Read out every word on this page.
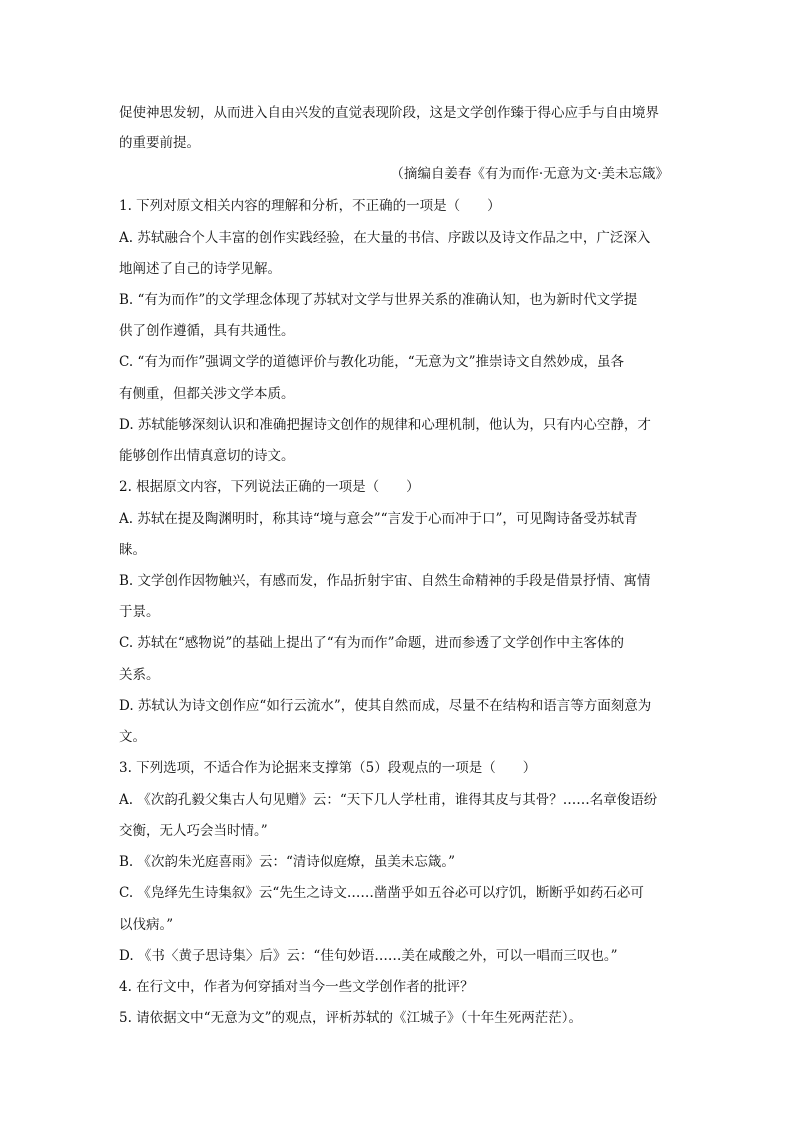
促使神思发轫，从而进入自由兴发的直觉表现阶段，这是文学创作臻于得心应手与自由境界
的重要前提。
（摘编自姜春《有为而作·无意为文·美未忘箴》
1. 下列对原文相关内容的理解和分析，不正确的一项是（　　）
A. 苏轼融合个人丰富的创作实践经验，在大量的书信、序跋以及诗文作品之中，广泛深入
地阐述了自己的诗学见解。
B. “有为而作”的文学理念体现了苏轼对文学与世界关系的准确认知，也为新时代文学提
供了创作遵循，具有共通性。
C. “有为而作”强调文学的道德评价与教化功能，“无意为文”推崇诗文自然妙成，虽各
有侧重，但都关涉文学本质。
D. 苏轼能够深刻认识和准确把握诗文创作的规律和心理机制，他认为，只有内心空静，才
能够创作出情真意切的诗文。
2. 根据原文内容，下列说法正确的一项是（　　）
A. 苏轼在提及陶渊明时，称其诗“境与意会”“言发于心而冲于口”，可见陶诗备受苏轼青
睐。
B. 文学创作因物触兴，有感而发，作品折射宇宙、自然生命精神的手段是借景抒情、寓情
于景。
C. 苏轼在“感物说”的基础上提出了“有为而作”命题，进而参透了文学创作中主客体的
关系。
D. 苏轼认为诗文创作应“如行云流水”，使其自然而成，尽量不在结构和语言等方面刻意为
文。
3. 下列选项，不适合作为论据来支撑第（5）段观点的一项是（　　）
A. 《次韵孔毅父集古人句见赠》云：“天下几人学杜甫，谁得其皮与其骨？……名章俊语纷
交衡，无人巧会当时情。”
B. 《次韵朱光庭喜雨》云：“清诗似庭燎，虽美未忘箴。”
C. 《凫绎先生诗集叙》云“先生之诗文……凿凿乎如五谷必可以疗饥，断断乎如药石必可
以伐病。”
D. 《书〈黄子思诗集〉后》云：“佳句妙语……美在咸酸之外，可以一唱而三叹也。”
4. 在行文中，作者为何穿插对当今一些文学创作者的批评？
5. 请依据文中“无意为文”的观点，评析苏轼的《江城子》（十年生死两茫茫）。
